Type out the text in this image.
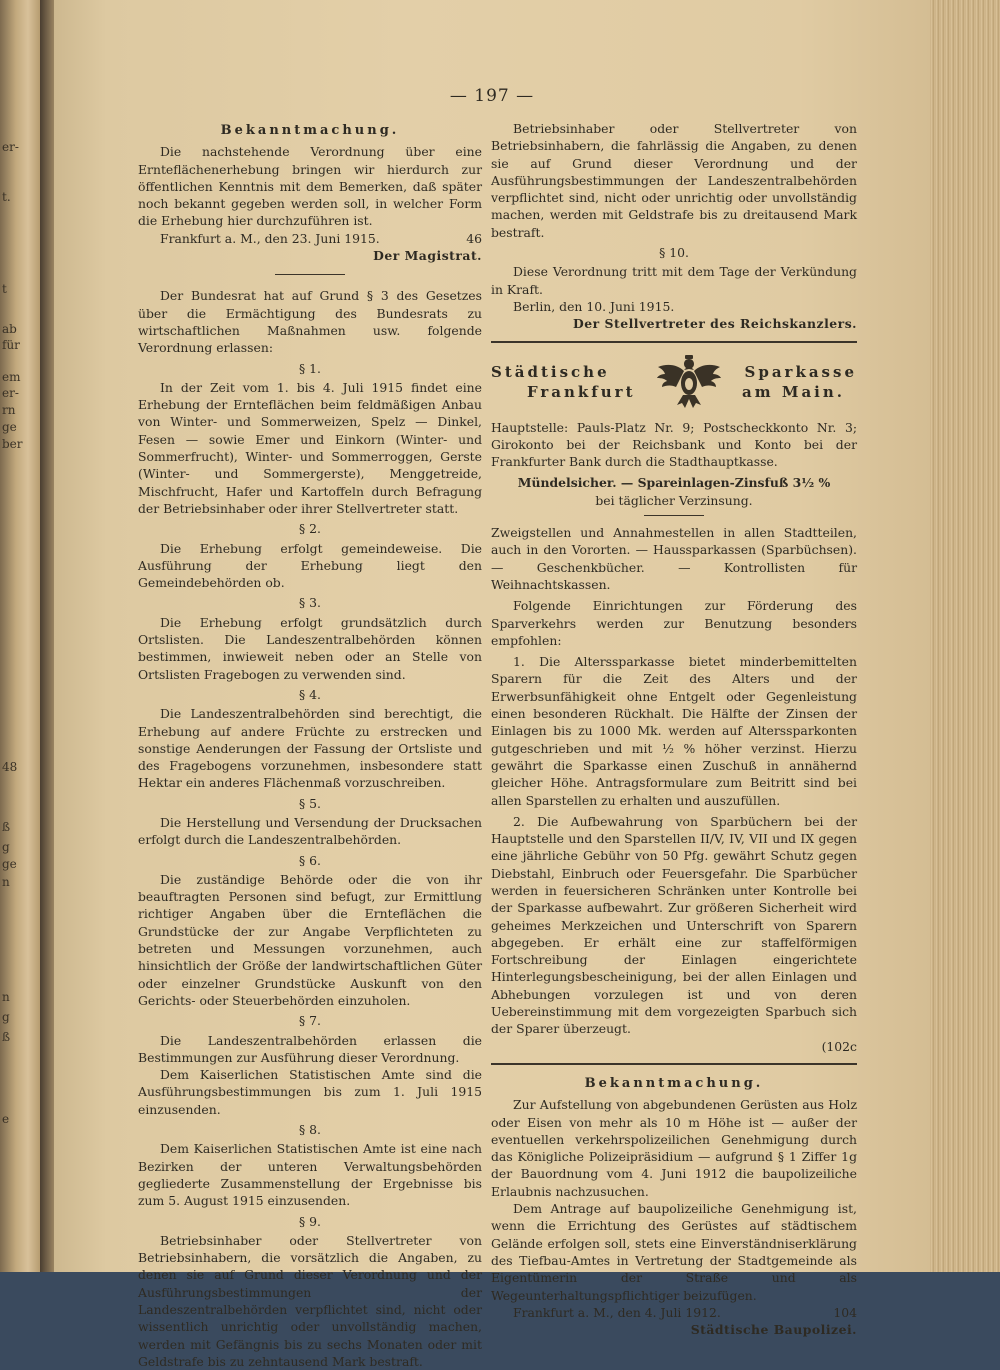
er-
t.
t
ab
für
em
er-
rn
ge
ber
48
ß
g
ge
n
n
g
ß
e
— 197 —
Bekanntmachung.

Die nachstehende Verordnung über eine Ernteflächenerhebung bringen wir hierdurch zur öffentlichen Kenntnis mit dem Bemerken, daß später noch bekannt gegeben werden soll, in welcher Form die Erhebung hier durchzuführen ist.

Frankfurt a. M., den 23. Juni 1915.	46
Der Magistrat.

Der Bundesrat hat auf Grund § 3 des Gesetzes über die Ermächtigung des Bundesrats zu wirtschaftlichen Maßnahmen usw. folgende Verordnung erlassen:

§ 1.

In der Zeit vom 1. bis 4. Juli 1915 findet eine Erhebung der Ernteflächen beim feldmäßigen Anbau von Winter- und Sommerweizen, Spelz — Dinkel, Fesen — sowie Emer und Einkorn (Winter- und Sommerfrucht), Winter- und Sommerroggen, Gerste (Winter- und Sommergerste), Menggetreide, Mischfrucht, Hafer und Kartoffeln durch Befragung der Betriebsinhaber oder ihrer Stellvertreter statt.

§ 2.

Die Erhebung erfolgt gemeindeweise. Die Ausführung der Erhebung liegt den Gemeindebehörden ob.

§ 3.

Die Erhebung erfolgt grundsätzlich durch Ortslisten. Die Landeszentralbehörden können bestimmen, inwieweit neben oder an Stelle von Ortslisten Fragebogen zu verwenden sind.

§ 4.

Die Landeszentralbehörden sind berechtigt, die Erhebung auf andere Früchte zu erstrecken und sonstige Aenderungen der Fassung der Ortsliste und des Fragebogens vorzunehmen, insbesondere statt Hektar ein anderes Flächenmaß vorzuschreiben.

§ 5.

Die Herstellung und Versendung der Drucksachen erfolgt durch die Landeszentralbehörden.

§ 6.

Die zuständige Behörde oder die von ihr beauftragten Personen sind befugt, zur Ermittlung richtiger Angaben über die Ernteflächen die Grundstücke der zur Angabe Verpflichteten zu betreten und Messungen vorzunehmen, auch hinsichtlich der Größe der landwirtschaftlichen Güter oder einzelner Grundstücke Auskunft von den Gerichts- oder Steuerbehörden einzuholen.

§ 7.

Die Landeszentralbehörden erlassen die Bestimmungen zur Ausführung dieser Verordnung.

Dem Kaiserlichen Statistischen Amte sind die Ausführungsbestimmungen bis zum 1. Juli 1915 einzusenden.

§ 8.

Dem Kaiserlichen Statistischen Amte ist eine nach Bezirken der unteren Verwaltungsbehörden gegliederte Zusammenstellung der Ergebnisse bis zum 5. August 1915 einzusenden.

§ 9.

Betriebsinhaber oder Stellvertreter von Betriebsinhabern, die vorsätzlich die Angaben, zu denen sie auf Grund dieser Verordnung und der Ausführungsbestimmungen der Landeszentralbehörden verpflichtet sind, nicht oder wissentlich unrichtig oder unvollständig machen, werden mit Gefängnis bis zu sechs Monaten oder mit Geldstrafe bis zu zehntausend Mark bestraft.

Betriebsinhaber oder Stellvertreter von Betriebsinhabern, die fahrlässig die Angaben, zu denen sie auf Grund dieser Verordnung und der Ausführungsbestimmungen der Landeszentralbehörden verpflichtet sind, nicht oder unrichtig oder unvollständig machen, werden mit Geldstrafe bis zu dreitausend Mark bestraft.

§ 10.

Diese Verordnung tritt mit dem Tage der Verkündung in Kraft.

Berlin, den 10. Juni 1915.

Der Stellvertreter des Reichskanzlers.
Städtische
Frankfurt
Sparkasse
am Main.

Hauptstelle: Pauls-Platz Nr. 9; Postscheckkonto Nr. 3; Girokonto bei der Reichsbank und Konto bei der Frankfurter Bank durch die Stadthauptkasse.

Mündelsicher. — Spareinlagen-Zinsfuß 3½ %
bei täglicher Verzinsung.

Zweigstellen und Annahmestellen in allen Stadtteilen, auch in den Vororten. — Haussparkassen (Sparbüchsen). — Geschenkbücher. — Kontrollisten für Weihnachtskassen.

Folgende Einrichtungen zur Förderung des Sparverkehrs werden zur Benutzung besonders empfohlen:

1. Die Alterssparkasse bietet minderbemittelten Sparern für die Zeit des Alters und der Erwerbsunfähigkeit ohne Entgelt oder Gegenleistung einen besonderen Rückhalt. Die Hälfte der Zinsen der Einlagen bis zu 1000 Mk. werden auf Alterssparkonten gutgeschrieben und mit ½ % höher verzinst. Hierzu gewährt die Sparkasse einen Zuschuß in annähernd gleicher Höhe. Antragsformulare zum Beitritt sind bei allen Sparstellen zu erhalten und auszufüllen.

2. Die Aufbewahrung von Sparbüchern bei der Hauptstelle und den Sparstellen II/V, IV, VII und IX gegen eine jährliche Gebühr von 50 Pfg. gewährt Schutz gegen Diebstahl, Einbruch oder Feuersgefahr. Die Sparbücher werden in feuersicheren Schränken unter Kontrolle bei der Sparkasse aufbewahrt. Zur größeren Sicherheit wird geheimes Merkzeichen und Unterschrift von Sparern abgegeben. Er erhält eine zur staffelförmigen Fortschreibung der Einlagen eingerichtete Hinterlegungsbescheinigung, bei der allen Einlagen und Abhebungen vorzulegen ist und von deren Uebereinstimmung mit dem vorgezeigten Sparbuch sich der Sparer überzeugt.

(102c
Bekanntmachung.

Zur Aufstellung von abgebundenen Gerüsten aus Holz oder Eisen von mehr als 10 m Höhe ist — außer der eventuellen verkehrspolizeilichen Genehmigung durch das Königliche Polizeipräsidium — aufgrund § 1 Ziffer 1g der Bauordnung vom 4. Juni 1912 die baupolizeiliche Erlaubnis nachzusuchen.

Dem Antrage auf baupolizeiliche Genehmigung ist, wenn die Errichtung des Gerüstes auf städtischem Gelände erfolgen soll, stets eine Einverständniserklärung des Tiefbau-Amtes in Vertretung der Stadtgemeinde als Eigentümerin der Straße und als Wegeunterhaltungspflichtiger beizufügen.

Frankfurt a. M., den 4. Juli 1912.	104
Städtische Baupolizei.
